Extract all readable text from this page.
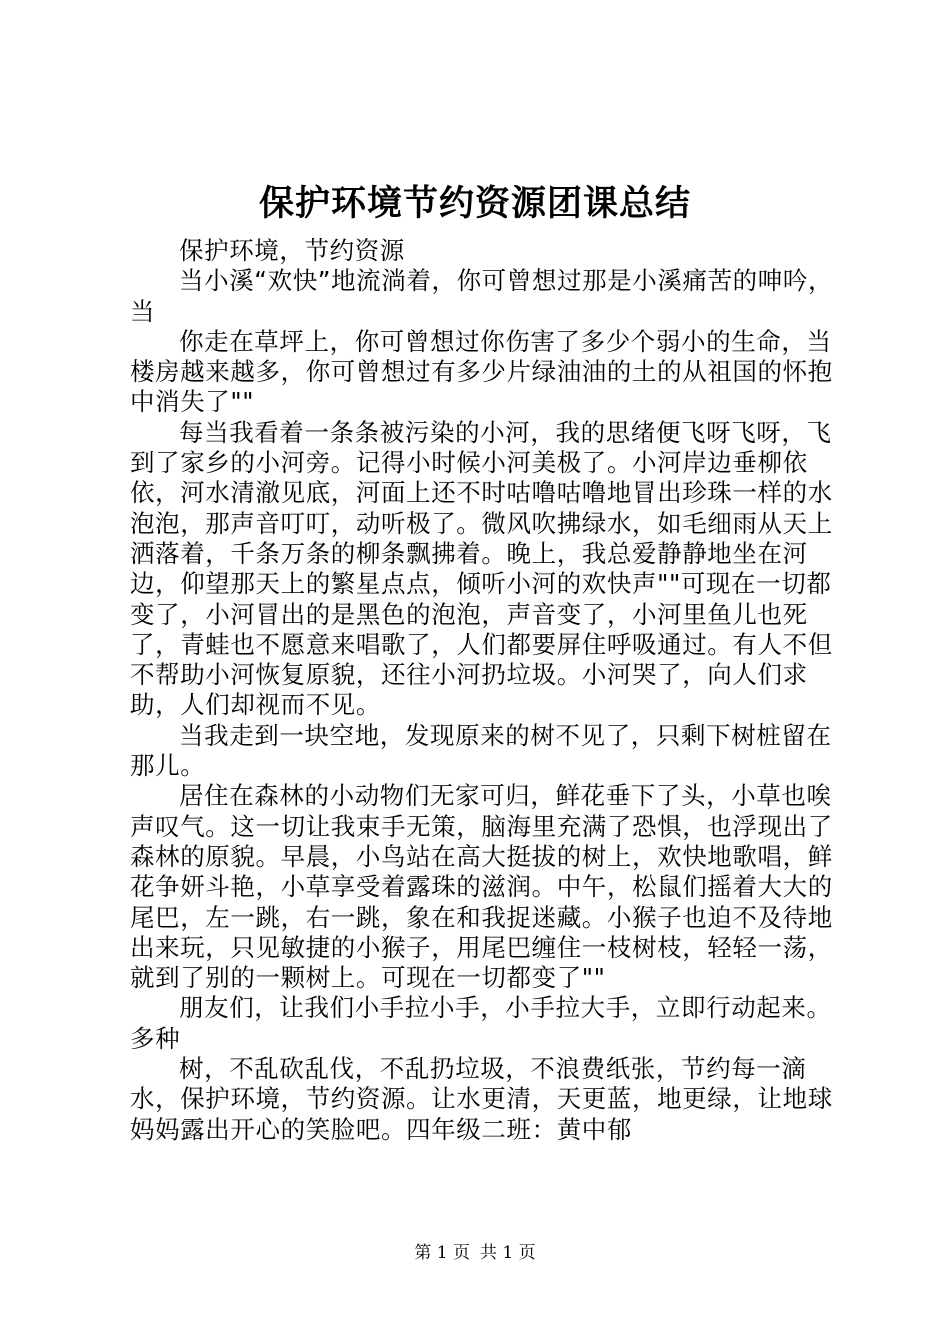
保护环境节约资源团课总结

保护环境，节约资源

当小溪“欢快”地流淌着，你可曾想过那是小溪痛苦的呻吟，当

你走在草坪上，你可曾想过你伤害了多少个弱小的生命，当楼房越来越多，你可曾想过有多少片绿油油的土的从祖国的怀抱中消失了""

每当我看着一条条被污染的小河，我的思绪便飞呀飞呀，飞到了家乡的小河旁。记得小时候小河美极了。小河岸边垂柳依依，河水清澈见底，河面上还不时咕噜咕噜地冒出珍珠一样的水泡泡，那声音叮叮，动听极了。微风吹拂绿水，如毛细雨从天上洒落着，千条万条的柳条飘拂着。晚上，我总爱静静地坐在河边，仰望那天上的繁星点点，倾听小河的欢快声""可现在一切都变了，小河冒出的是黑色的泡泡，声音变了，小河里鱼儿也死了，青蛙也不愿意来唱歌了，人们都要屏住呼吸通过。有人不但不帮助小河恢复原貌，还往小河扔垃圾。小河哭了，向人们求助，人们却视而不见。

当我走到一块空地，发现原来的树不见了，只剩下树桩留在那儿。

居住在森林的小动物们无家可归，鲜花垂下了头，小草也唉声叹气。这一切让我束手无策，脑海里充满了恐惧，也浮现出了森林的原貌。早晨，小鸟站在高大挺拔的树上，欢快地歌唱，鲜花争妍斗艳，小草享受着露珠的滋润。中午，松鼠们摇着大大的尾巴，左一跳，右一跳，象在和我捉迷藏。小猴子也迫不及待地出来玩，只见敏捷的小猴子，用尾巴缠住一枝树枝，轻轻一荡，就到了别的一颗树上。可现在一切都变了""

朋友们，让我们小手拉小手，小手拉大手，立即行动起来。多种

树，不乱砍乱伐，不乱扔垃圾，不浪费纸张，节约每一滴水，保护环境，节约资源。让水更清，天更蓝，地更绿，让地球妈妈露出开心的笑脸吧。四年级二班：黄中郁

第 1 页 共 1 页
